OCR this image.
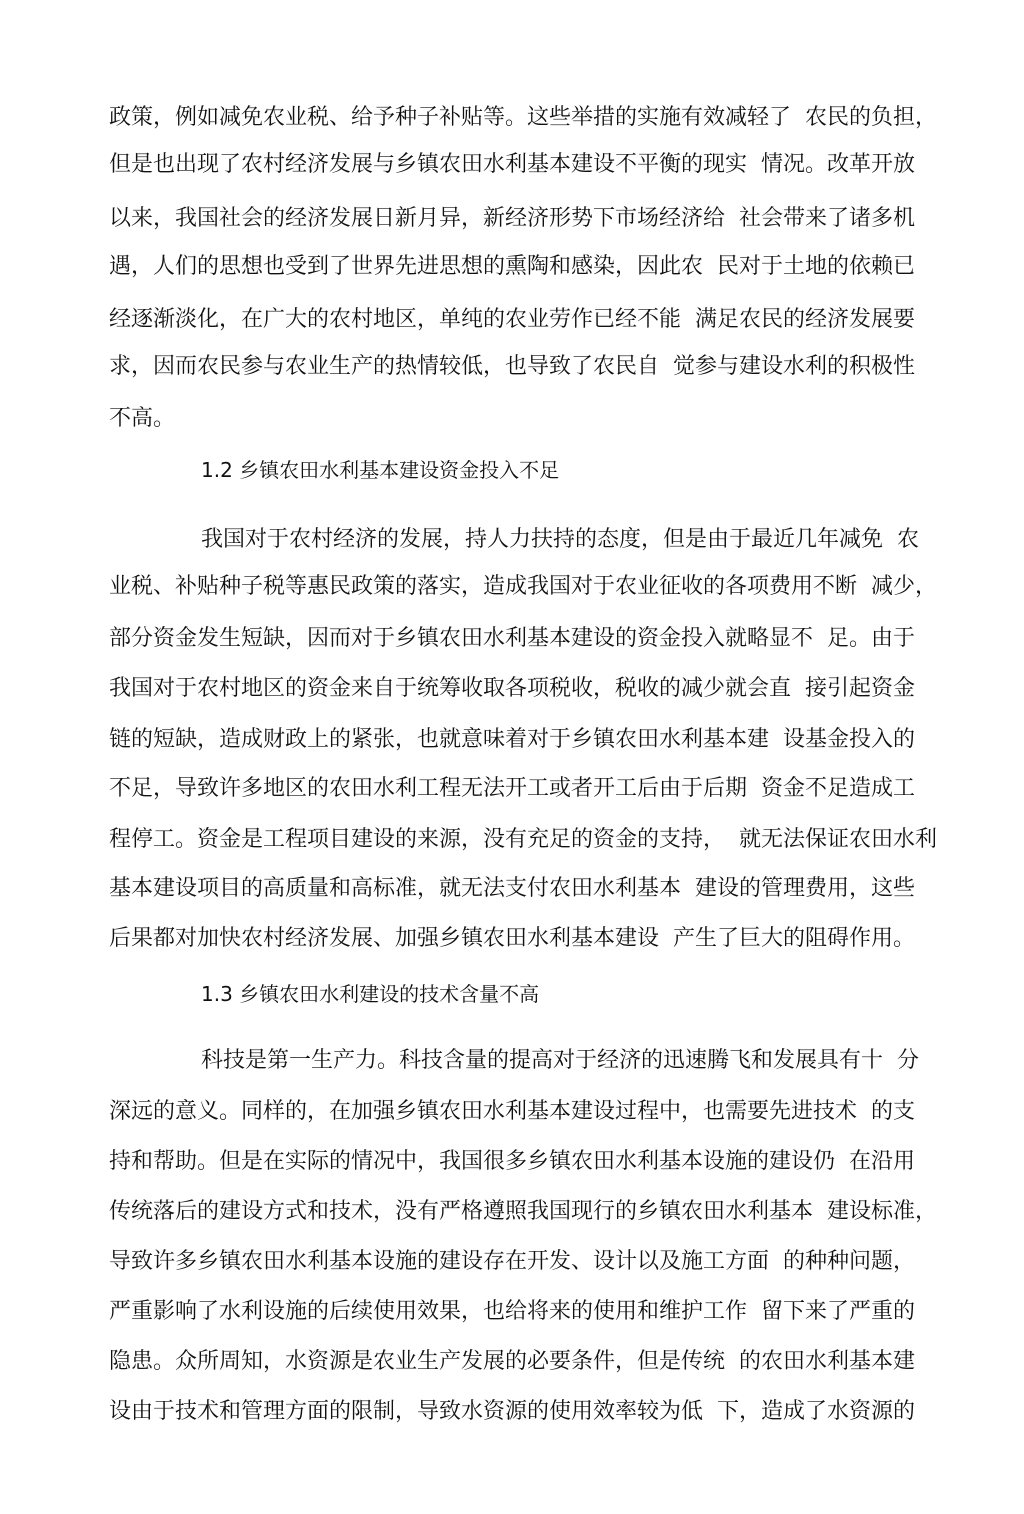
政策，例如减免农业税、给予种子补贴等。这些举措的实施有效减轻了  农民的负担，
但是也出现了农村经济发展与乡镇农田水利基本建设不平衡的现实  情况。改革开放
以来，我国社会的经济发展日新月异，新经济形势下市场经济给  社会带来了诸多机
遇，人们的思想也受到了世界先进思想的熏陶和感染，因此农  民对于土地的依赖已
经逐渐淡化，在广大的农村地区，单纯的农业劳作已经不能  满足农民的经济发展要
求，因而农民参与农业生产的热情较低，也导致了农民自  觉参与建设水利的积极性
不高。
1.2 乡镇农田水利基本建设资金投入不足
我国对于农村经济的发展，持人力扶持的态度，但是由于最近几年减免  农
业税、补贴种子税等惠民政策的落实，造成我国对于农业征收的各项费用不断  减少，
部分资金发生短缺，因而对于乡镇农田水利基本建设的资金投入就略显不  足。由于
我国对于农村地区的资金来自于统筹收取各项税收，税收的减少就会直  接引起资金
链的短缺，造成财政上的紧张，也就意味着对于乡镇农田水利基本建  设基金投入的
不足，导致许多地区的农田水利工程无法开工或者开工后由于后期  资金不足造成工
程停工。资金是工程项目建设的来源，没有充足的资金的支持，  就无法保证农田水利
基本建设项目的高质量和高标准，就无法支付农田水利基本  建设的管理费用，这些
后果都对加快农村经济发展、加强乡镇农田水利基本建设  产生了巨大的阻碍作用。
1.3 乡镇农田水利建设的技术含量不高
科技是第一生产力。科技含量的提高对于经济的迅速腾飞和发展具有十  分
深远的意义。同样的，在加强乡镇农田水利基本建设过程中，也需要先进技术  的支
持和帮助。但是在实际的情况中，我国很多乡镇农田水利基本设施的建设仍  在沿用
传统落后的建设方式和技术，没有严格遵照我国现行的乡镇农田水利基本  建设标准，
导致许多乡镇农田水利基本设施的建设存在开发、设计以及施工方面  的种种问题，
严重影响了水利设施的后续使用效果，也给将来的使用和维护工作  留下来了严重的
隐患。众所周知，水资源是农业生产发展的必要条件，但是传统  的农田水利基本建
设由于技术和管理方面的限制，导致水资源的使用效率较为低  下，造成了水资源的
